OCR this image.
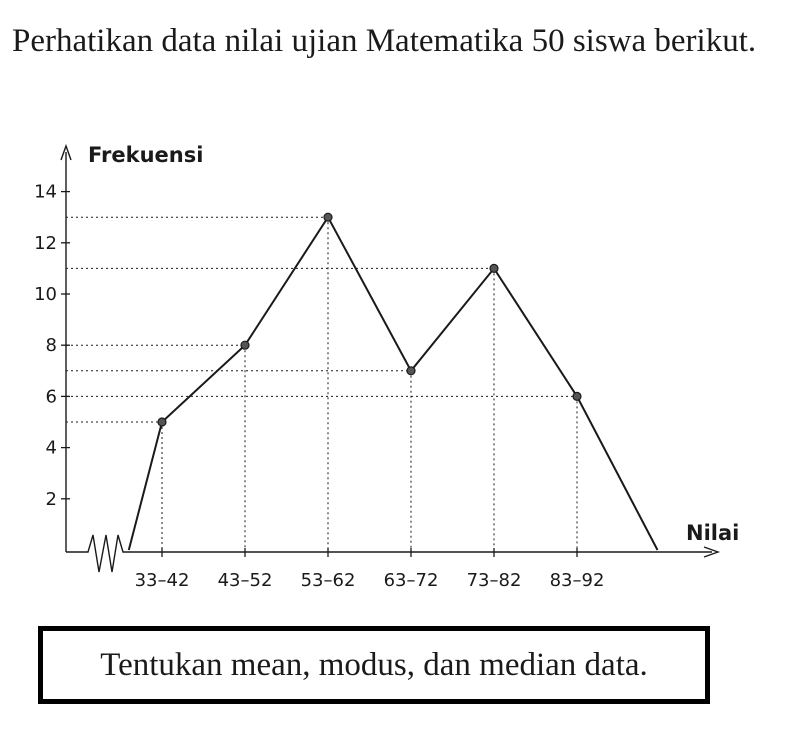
Perhatikan data nilai ujian Matematika 50 siswa berikut.
2
4
6
8
10
12
14
33–42 43–52 53–62 63–72 73–82 83–92
Frekuensi
Nilai
Tentukan mean, modus, dan median data.
